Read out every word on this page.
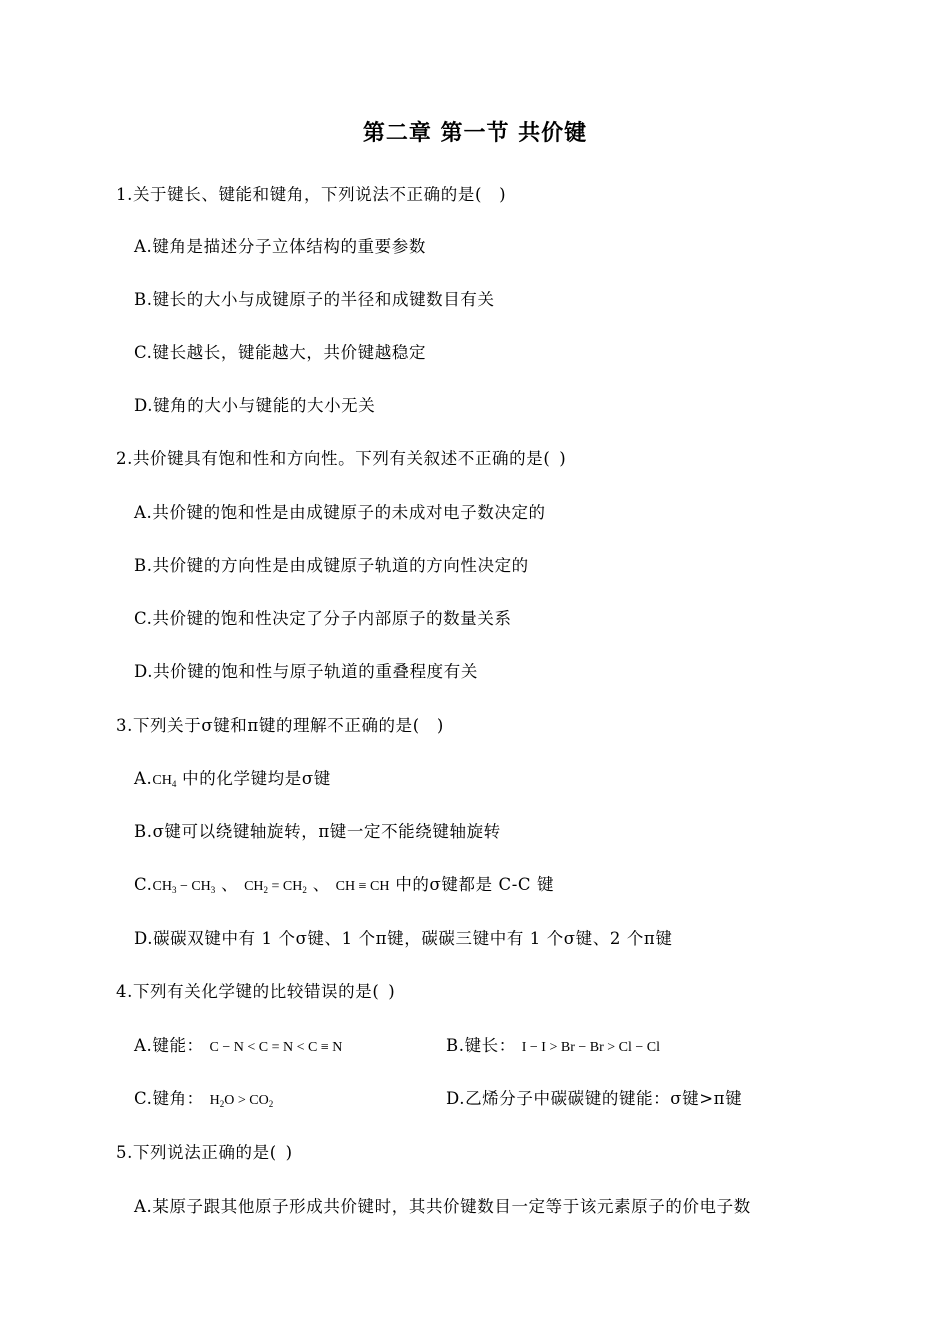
第二章 第一节 共价键
1.关于键长、键能和键角，下列说法不正确的是( )
A.键角是描述分子立体结构的重要参数
B.键长的大小与成键原子的半径和成键数目有关
C.键长越长，键能越大，共价键越稳定
D.键角的大小与键能的大小无关
2.共价键具有饱和性和方向性。下列有关叙述不正确的是( )
A.共价键的饱和性是由成键原子的未成对电子数决定的
B.共价键的方向性是由成键原子轨道的方向性决定的
C.共价键的饱和性决定了分子内部原子的数量关系
D.共价键的饱和性与原子轨道的重叠程度有关
3.下列关于σ键和π键的理解不正确的是( )
$A.CH_4$ 中的化学键均是σ键
B.σ键可以绕键轴旋转，π键一定不能绕键轴旋转
$C.CH_3 - CH_3$ 、 $CH_2 = CH_2$ 、 CH ≡ CH 中的σ键都是 C-C 键
D.碳碳双键中有 1 个σ键、1 个π键，碳碳三键中有 1 个σ键、2 个π键
4.下列有关化学键的比较错误的是( )
A.键能： C − N < C = N < C ≡ N	B.键长： I − I > Br − Br > Cl − Cl
C.键角： $H_2O > CO_2$	D.乙烯分子中碳碳键的键能：σ键>π键
5.下列说法正确的是( )
A.某原子跟其他原子形成共价键时，其共价键数目一定等于该元素原子的价电子数
